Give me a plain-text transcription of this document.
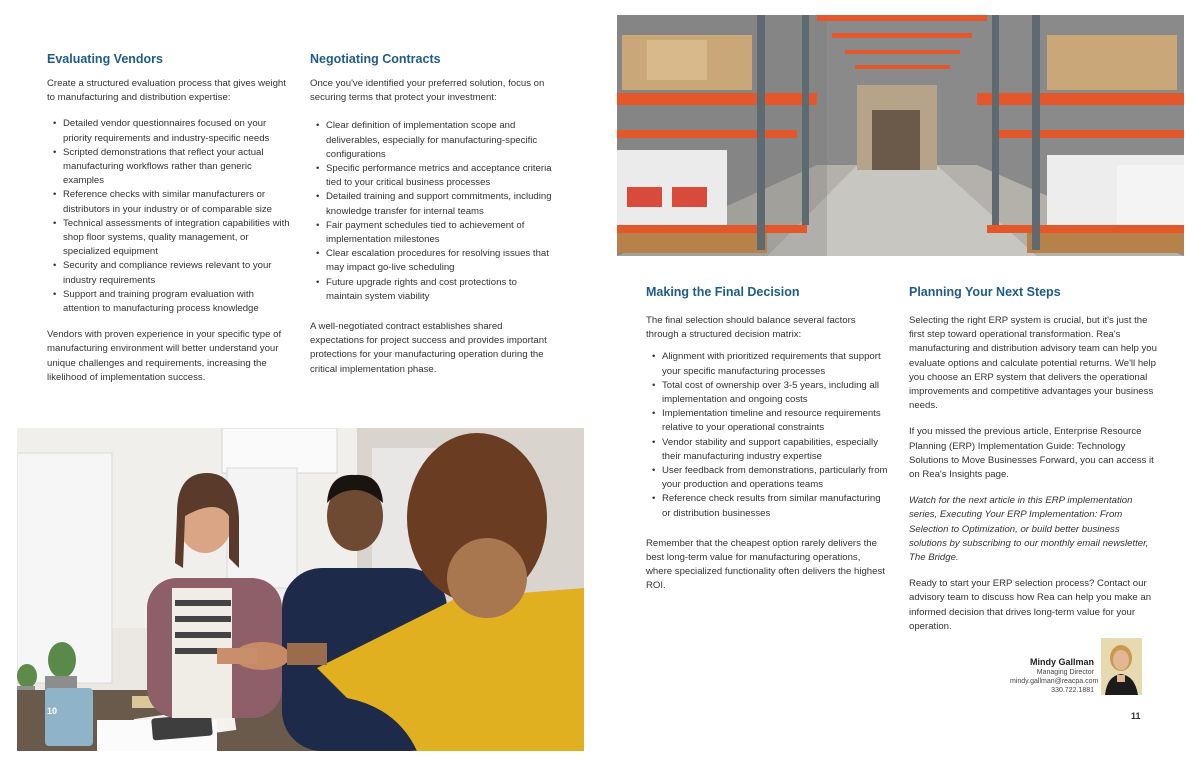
Evaluating Vendors

Create a structured evaluation process that gives weight to manufacturing and distribution expertise:

• Detailed vendor questionnaires focused on your priority requirements and industry-specific needs
• Scripted demonstrations that reflect your actual manufacturing workflows rather than generic examples
• Reference checks with similar manufacturers or distributors in your industry or of comparable size
• Technical assessments of integration capabilities with shop floor systems, quality management, or specialized equipment
• Security and compliance reviews relevant to your industry requirements
• Support and training program evaluation with attention to manufacturing process knowledge

Vendors with proven experience in your specific type of manufacturing environment will better understand your unique challenges and requirements, increasing the likelihood of implementation success.

Negotiating Contracts

Once you've identified your preferred solution, focus on securing terms that protect your investment:

• Clear definition of implementation scope and deliverables, especially for manufacturing-specific configurations
• Specific performance metrics and acceptance criteria tied to your critical business processes
• Detailed training and support commitments, including knowledge transfer for internal teams
• Fair payment schedules tied to achievement of implementation milestones
• Clear escalation procedures for resolving issues that may impact go-live scheduling
• Future upgrade rights and cost protections to maintain system viability

A well-negotiated contract establishes shared expectations for project success and provides important protections for your manufacturing operation during the critical implementation phase.

10
Making the Final Decision

The final selection should balance several factors through a structured decision matrix:

• Alignment with prioritized requirements that support your specific manufacturing processes
• Total cost of ownership over 3-5 years, including all implementation and ongoing costs
• Implementation timeline and resource requirements relative to your operational constraints
• Vendor stability and support capabilities, especially their manufacturing industry expertise
• User feedback from demonstrations, particularly from your production and operations teams
• Reference check results from similar manufacturing or distribution businesses

Remember that the cheapest option rarely delivers the best long-term value for manufacturing operations, where specialized functionality often delivers the highest ROI.

Planning Your Next Steps

Selecting the right ERP system is crucial, but it's just the first step toward operational transformation. Rea's manufacturing and distribution advisory team can help you evaluate options and calculate potential returns. We'll help you choose an ERP system that delivers the operational improvements and competitive advantages your business needs.

If you missed the previous article, Enterprise Resource Planning (ERP) Implementation Guide: Technology Solutions to Move Businesses Forward, you can access it on Rea's Insights page.

Watch for the next article in this ERP implementation series, Executing Your ERP Implementation: From Selection to Optimization, or build better business solutions by subscribing to our monthly email newsletter, The Bridge.

Ready to start your ERP selection process? Contact our advisory team to discuss how Rea can help you make an informed decision that drives long-term value for your operation.

Mindy Gallman
Managing Director
mindy.gallman@reacpa.com
330.722.1881
11
